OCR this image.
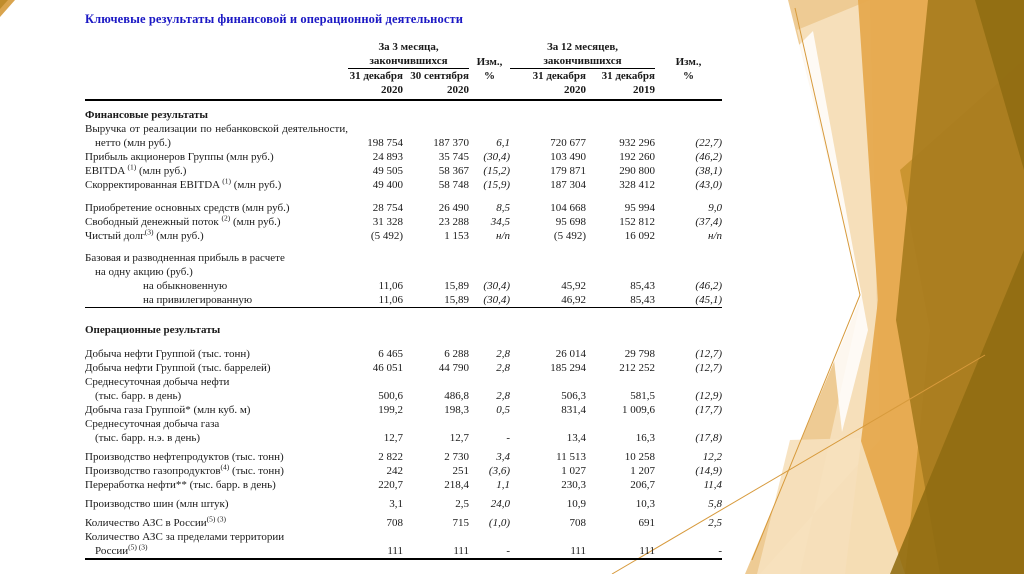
Ключевые результаты финансовой и операционной деятельности
	За 3 месяца,			За 12 месяцев,		
	закончившихся		Изм.,	закончившихся		Изм.,
	31 декабря	30 сентября	%	31 декабря	31 декабря	%
	2020	2020		2020	2019	
Финансовые результаты						

Выручка от реализации по небанковской деятельности, нетто (млн руб.)	198 754	187 370	6,1	720 677	932 296	(22,7)

Прибыль акционеров Группы (млн руб.)	24 893	35 745	(30,4)	103 490	192 260	(46,2)

EBITDA $^{(1)}$ (млн руб.)	49 505	58 367	(15,2)	179 871	290 800	(38,1)

Скорректированная EBITDA $^{(1)}$ (млн руб.)	49 400	58 748	(15,9)	187 304	328 412	(43,0)

Приобретение основных средств (млн руб.)	28 754	26 490	8,5	104 668	95 994	9,0

Свободный денежный поток $^{(2)}$ (млн руб.)	31 328	23 288	34,5	95 698	152 812	(37,4)

Чистый долг$^{(3)}$ (млн руб.)	(5 492)	1 153	н/п	(5 492)	16 092	н/п

Базовая и разводненная прибыль в расчете
на одну акцию (руб.)						

на обыкновенную	11,06	15,89	(30,4)	45,92	85,43	(46,2)

на привилегированную	11,06	15,89	(30,4)	46,92	85,43	(45,1)

Операционные результаты						

Добыча нефти Группой (тыс. тонн)	6 465	6 288	2,8	26 014	29 798	(12,7)

Добыча нефти Группой (тыс. баррелей)	46 051	44 790	2,8	185 294	212 252	(12,7)

Среднесуточная добыча нефти
(тыс. барр. в день)	500,6	486,8	2,8	506,3	581,5	(12,9)

Добыча газа Группой* (млн куб. м)	199,2	198,3	0,5	831,4	1 009,6	(17,7)

Среднесуточная добыча газа
(тыс. барр. н.э. в день)	12,7	12,7	-	13,4	16,3	(17,8)

Производство нефтепродуктов (тыс. тонн)	2 822	2 730	3,4	11 513	10 258	12,2

Производство газопродуктов$^{(4)}$ (тыс. тонн)	242	251	(3,6)	1 027	1 207	(14,9)

Переработка нефти** (тыс. барр. в день)	220,7	218,4	1,1	230,3	206,7	11,4

Производство шин (млн штук)	3,1	2,5	24,0	10,9	10,3	5,8

Количество АЗС в России$^{(5) (3)}$	708	715	(1,0)	708	691	2,5

Количество АЗС за пределами территории
России$^{(5) (3)}$	111	111	-	111	111	-
